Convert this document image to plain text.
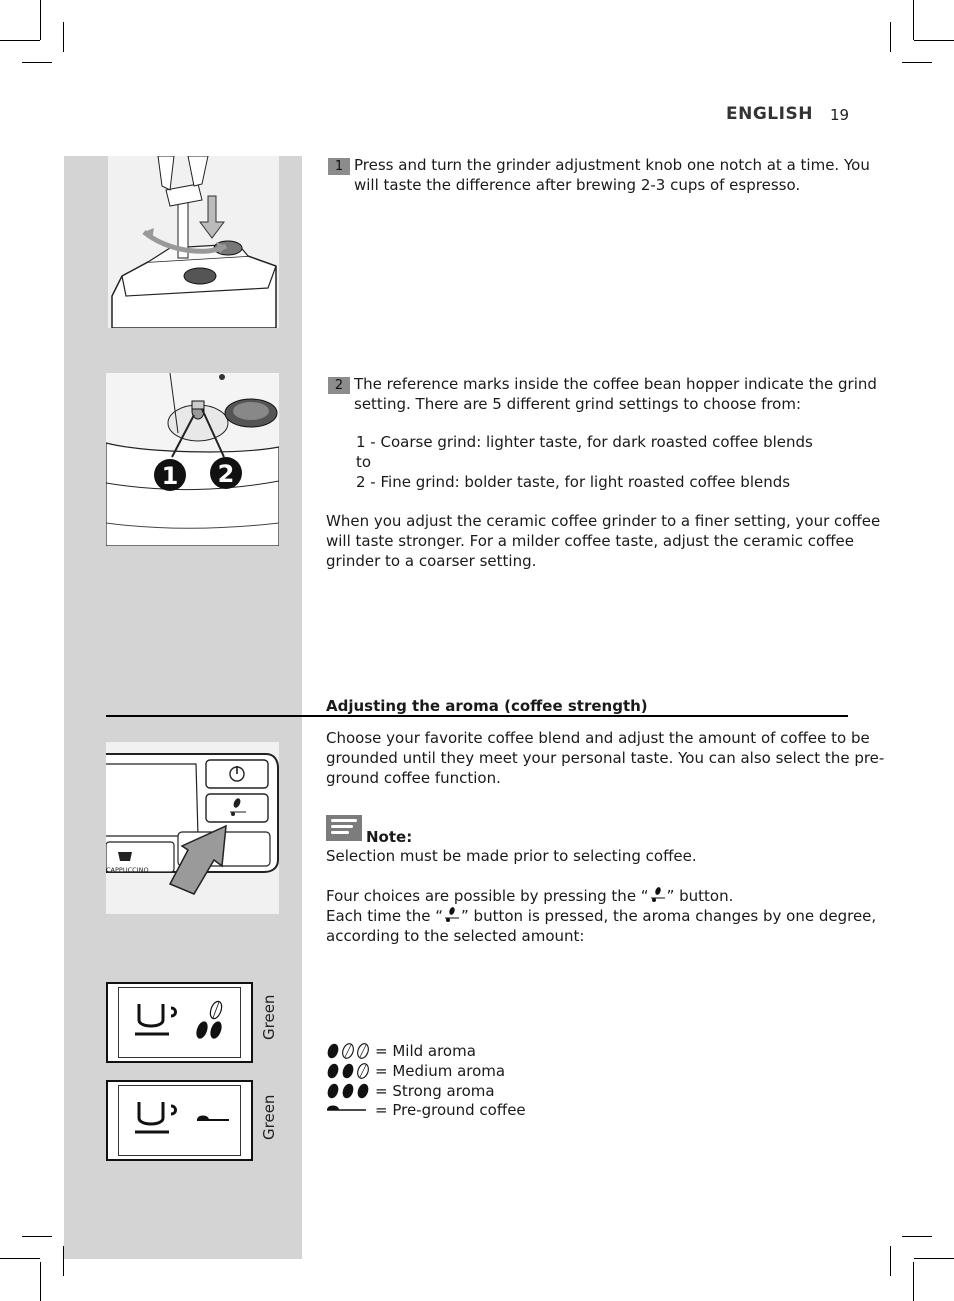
ENGLISH 19
1 2
CAPPUCCINO
Green
Green
1 Press and turn the grinder adjustment knob one notch at a time. You
will taste the difference after brewing 2-3 cups of espresso.
2 The reference marks inside the coffee bean hopper indicate the grind
setting. There are 5 different grind settings to choose from:
1 - Coarse grind: lighter taste, for dark roasted coffee blends
to
2 - Fine grind: bolder taste, for light roasted coffee blends
When you adjust the ceramic coffee grinder to a finer setting, your coffee
will taste stronger. For a milder coffee taste, adjust the ceramic coffee
grinder to a coarser setting.
Adjusting the aroma (coffee strength)
Choose your favorite coffee blend and adjust the amount of coffee to be
grounded until they meet your personal taste. You can also select the pre-
ground coffee function.
Note:
Selection must be made prior to selecting coffee.
Four choices are possible by pressing the “ ” button.
Each time the “ ” button is pressed, the aroma changes by one degree,
according to the selected amount:
= Mild aroma
= Medium aroma
= Strong aroma
= Pre-ground coffee
